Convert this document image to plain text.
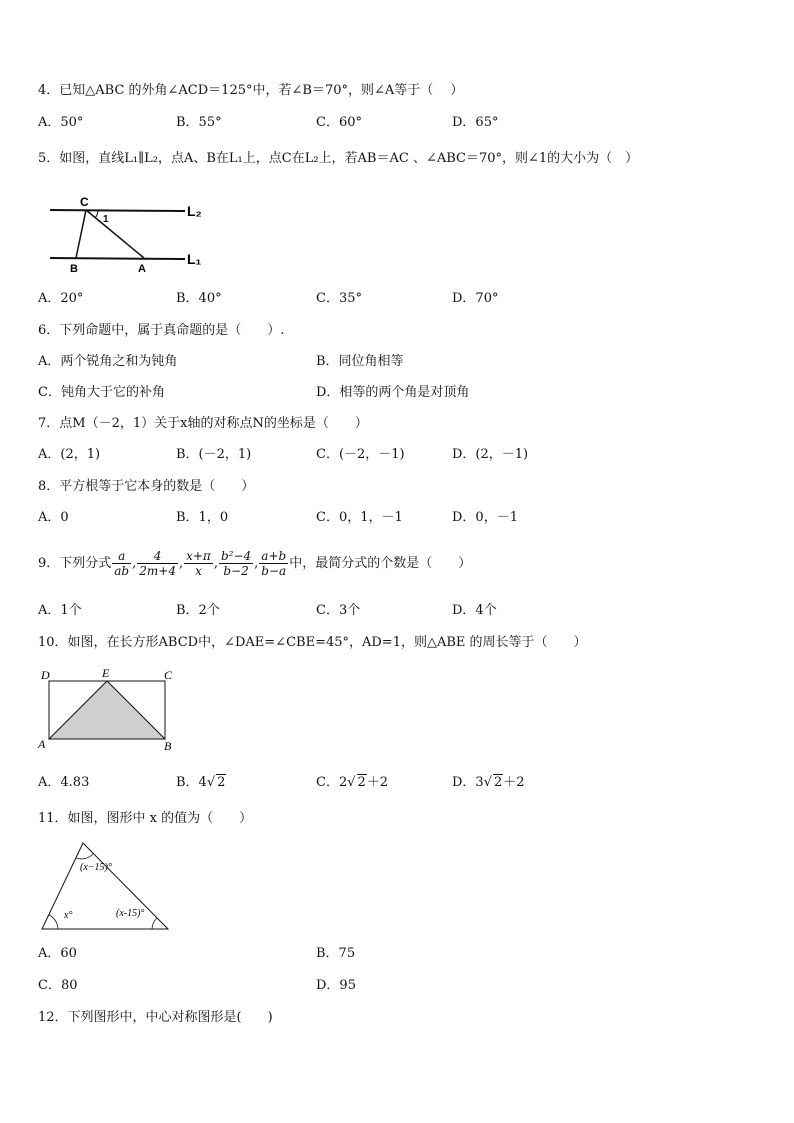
4．已知△ABC 的外角∠ACD＝125°中，若∠B＝70°，则∠A等于（　 ）
A．50°	B．55°	C．60°	D．65°
5．如图，直线L₁∥L₂，点A、B在L₁上，点C在L₂上，若AB＝AC 、∠ABC＝70°，则∠1的大小为（　）
C
1
L₂
B	A
L₁
A．20°	B．40°	C．35°	D．70°
6．下列命题中，属于真命题的是（　　）.
A．两个锐角之和为钝角	B．同位角相等
C．钝角大于它的补角	D．相等的两个角是对顶角
7．点M（－2，1）关于x轴的对称点N的坐标是（　　）
A．(2，1)	B．(－2，1)	C．(－2，－1)	D．(2，－1)
8．平方根等于它本身的数是（　　）
A．0	B．1，0	C．0，1，－1	D．0，－1
9．下列分式 $\frac{a}{ab}$ , $\frac{4}{2m+4}$ , $\frac{x+\pi}{x}$ , $\frac{\text{b²−4}}{b-2}$ , $\frac{a+b}{b-a}$ 中，最简分式的个数是（　　）
A．1个	B．2个	C．3个	D．4个
10．如图，在长方形ABCD中，∠DAE=∠CBE=45°，AD=1，则△ABE 的周长等于（　　）
D	E	C
A	B
A．4.83	B．4√ 2	C．2√ 2＋2	D．3√ 2＋2
11．如图，图形中 x 的值为（　　）
(x−15)°
x°	(x-15)°
A．60	B．75
C．80	D．95
12．下列图形中，中心对称图形是(　　)
